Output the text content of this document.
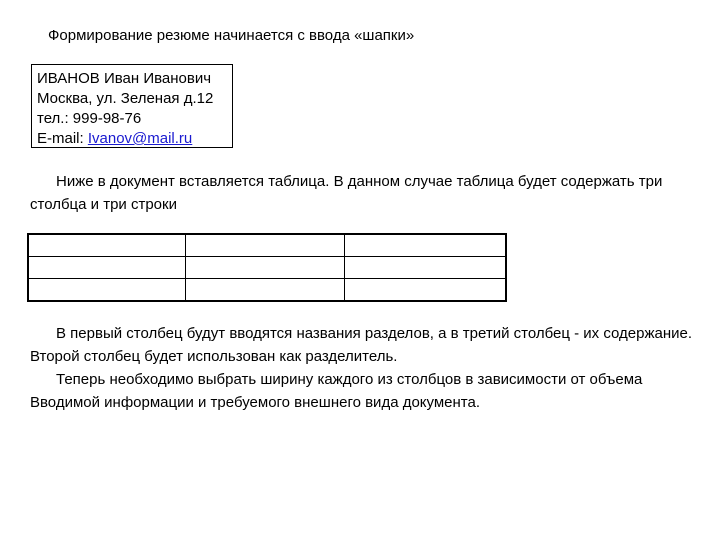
Формирование резюме начинается с ввода «шапки»
ИВАНОВ Иван Иванович
Москва, ул. Зеленая д.12
тел.: 999-98-76
E-mail: Ivanov@mail.ru
Ниже в документ вставляется таблица. В данном случае таблица будет содержать три столбца и три строки

В первый столбец будут вводятся названия разделов, а в третий столбец - их содержание. Второй столбец будет использован как разделитель.
Теперь необходимо выбрать ширину каждого из столбцов в зависимости от объема Вводимой информации и требуемого внешнего вида документа.
